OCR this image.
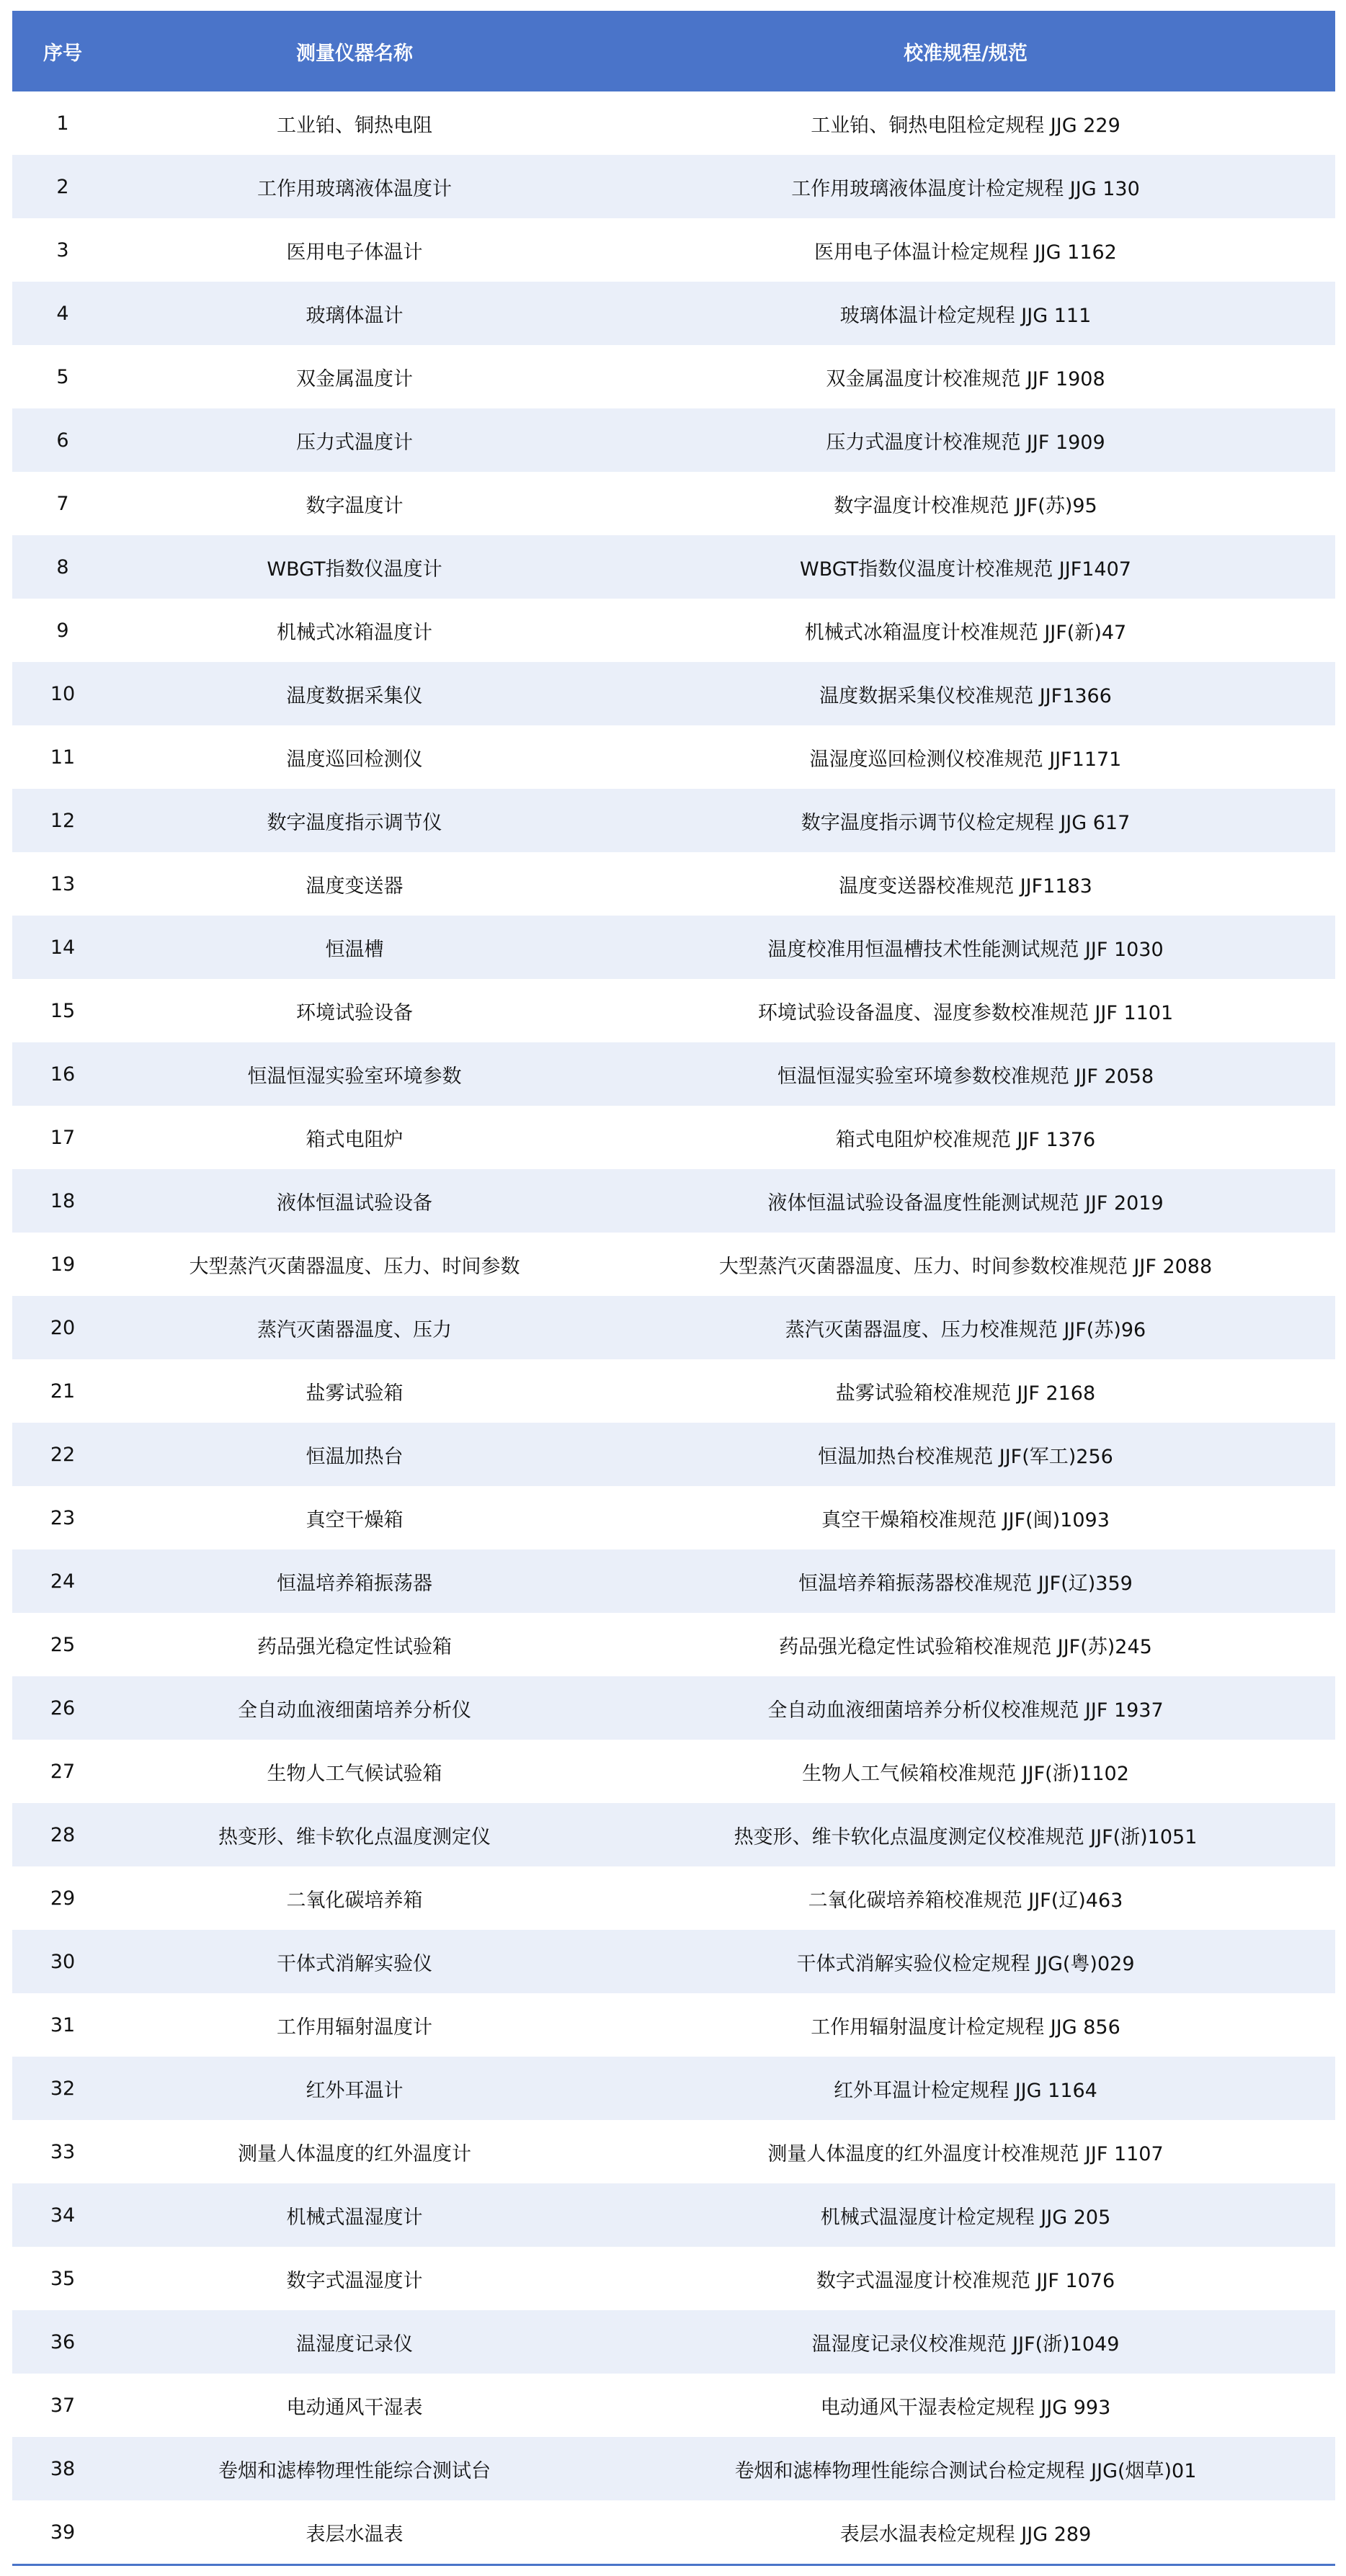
序号	测量仪器名称	校准规程/规范
1	工业铂、铜热电阻	工业铂、铜热电阻检定规程 JJG 229
2	工作用玻璃液体温度计	工作用玻璃液体温度计检定规程 JJG 130
3	医用电子体温计	医用电子体温计检定规程 JJG 1162
4	玻璃体温计	玻璃体温计检定规程 JJG 111
5	双金属温度计	双金属温度计校准规范 JJF 1908
6	压力式温度计	压力式温度计校准规范 JJF 1909
7	数字温度计	数字温度计校准规范 JJF(苏)95
8	WBGT指数仪温度计	WBGT指数仪温度计校准规范 JJF1407
9	机械式冰箱温度计	机械式冰箱温度计校准规范 JJF(新)47
10	温度数据采集仪	温度数据采集仪校准规范 JJF1366
11	温度巡回检测仪	温湿度巡回检测仪校准规范 JJF1171
12	数字温度指示调节仪	数字温度指示调节仪检定规程 JJG 617
13	温度变送器	温度变送器校准规范 JJF1183
14	恒温槽	温度校准用恒温槽技术性能测试规范 JJF 1030
15	环境试验设备	环境试验设备温度、湿度参数校准规范 JJF 1101
16	恒温恒湿实验室环境参数	恒温恒湿实验室环境参数校准规范 JJF 2058
17	箱式电阻炉	箱式电阻炉校准规范 JJF 1376
18	液体恒温试验设备	液体恒温试验设备温度性能测试规范 JJF 2019
19	大型蒸汽灭菌器温度、压力、时间参数	大型蒸汽灭菌器温度、压力、时间参数校准规范 JJF 2088
20	蒸汽灭菌器温度、压力	蒸汽灭菌器温度、压力校准规范 JJF(苏)96
21	盐雾试验箱	盐雾试验箱校准规范 JJF 2168
22	恒温加热台	恒温加热台校准规范 JJF(军工)256
23	真空干燥箱	真空干燥箱校准规范 JJF(闽)1093
24	恒温培养箱振荡器	恒温培养箱振荡器校准规范 JJF(辽)359
25	药品强光稳定性试验箱	药品强光稳定性试验箱校准规范 JJF(苏)245
26	全自动血液细菌培养分析仪	全自动血液细菌培养分析仪校准规范 JJF 1937
27	生物人工气候试验箱	生物人工气候箱校准规范 JJF(浙)1102
28	热变形、维卡软化点温度测定仪	热变形、维卡软化点温度测定仪校准规范 JJF(浙)1051
29	二氧化碳培养箱	二氧化碳培养箱校准规范 JJF(辽)463
30	干体式消解实验仪	干体式消解实验仪检定规程 JJG(粤)029
31	工作用辐射温度计	工作用辐射温度计检定规程 JJG 856
32	红外耳温计	红外耳温计检定规程 JJG 1164
33	测量人体温度的红外温度计	测量人体温度的红外温度计校准规范 JJF 1107
34	机械式温湿度计	机械式温湿度计检定规程 JJG 205
35	数字式温湿度计	数字式温湿度计校准规范 JJF 1076
36	温湿度记录仪	温湿度记录仪校准规范 JJF(浙)1049
37	电动通风干湿表	电动通风干湿表检定规程 JJG 993
38	卷烟和滤棒物理性能综合测试台	卷烟和滤棒物理性能综合测试台检定规程 JJG(烟草)01
39	表层水温表	表层水温表检定规程 JJG 289
